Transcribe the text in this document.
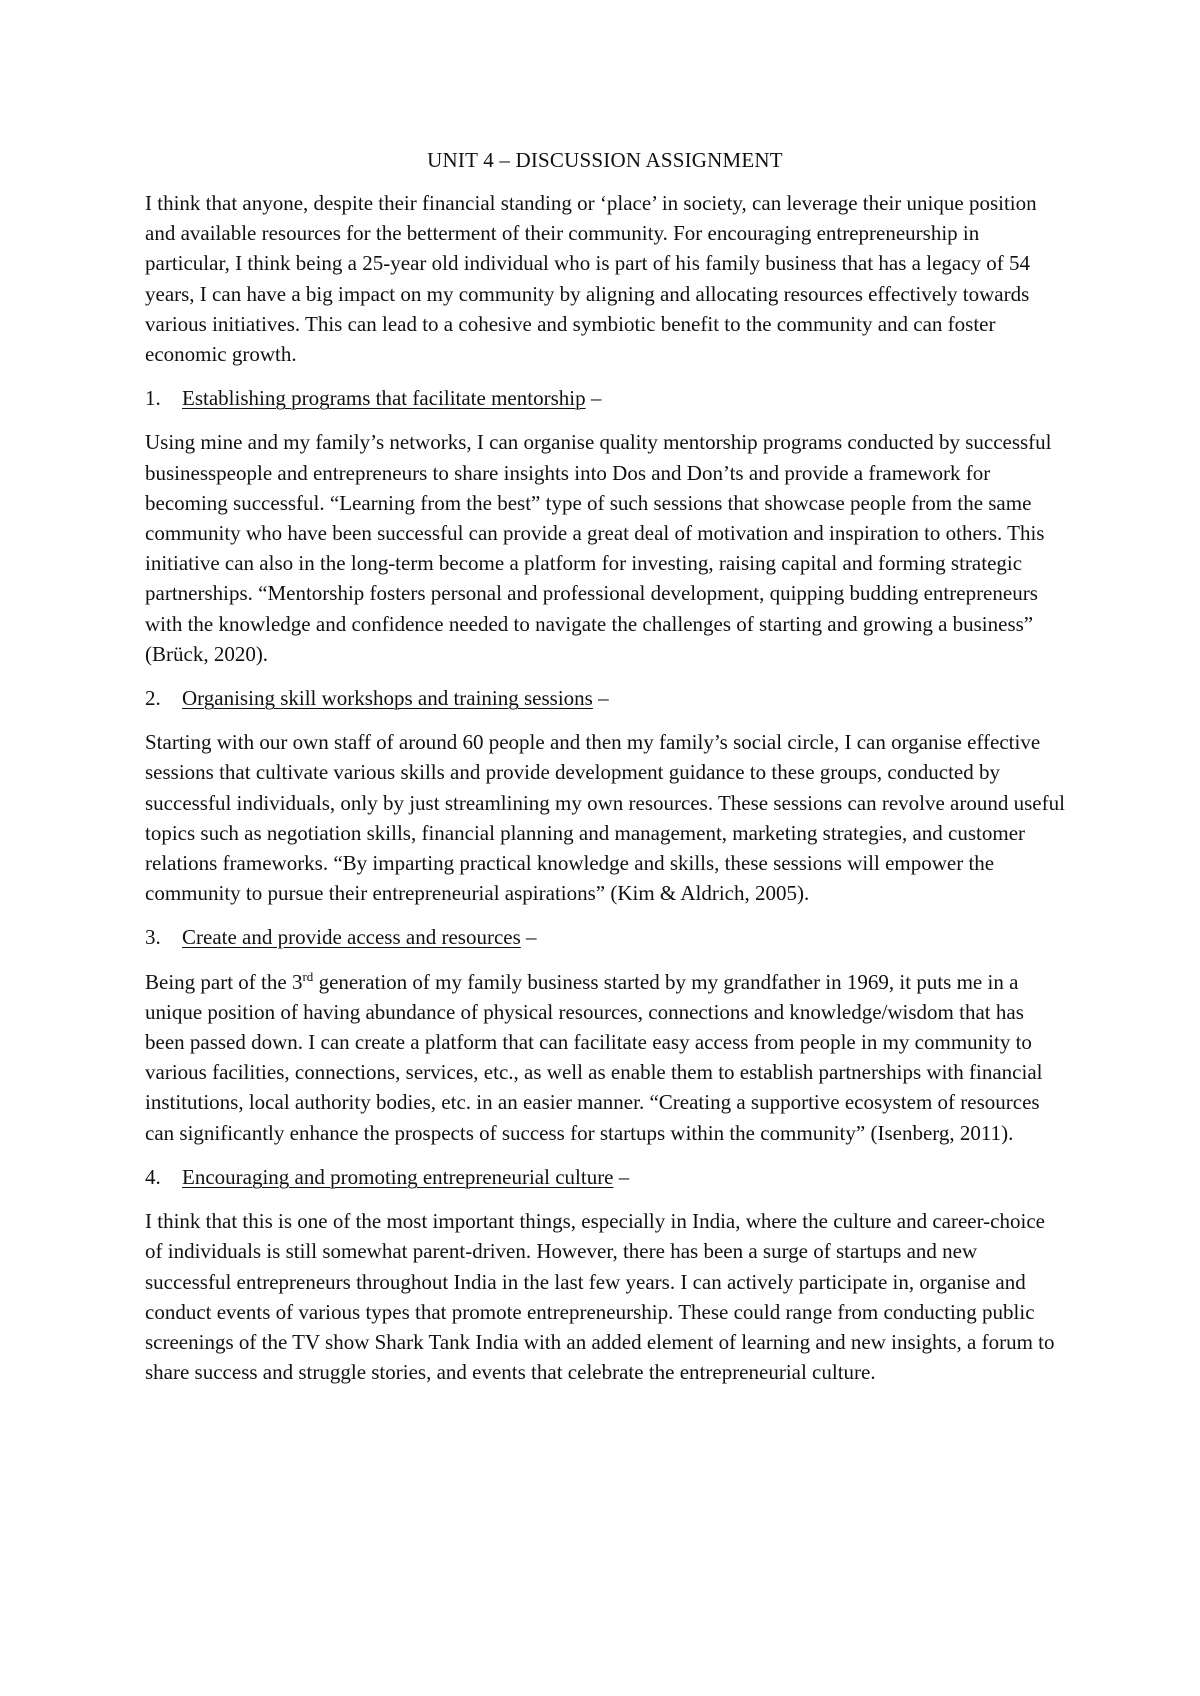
UNIT 4 – DISCUSSION ASSIGNMENT

I think that anyone, despite their financial standing or ‘place’ in society, can leverage their unique position and available resources for the betterment of their community. For encouraging entrepreneurship in particular, I think being a 25-year old individual who is part of his family business that has a legacy of 54 years, I can have a big impact on my community by aligning and allocating resources effectively towards various initiatives. This can lead to a cohesive and symbiotic benefit to the community and can foster economic growth.

1.	Establishing programs that facilitate mentorship –

Using mine and my family’s networks, I can organise quality mentorship programs conducted by successful businesspeople and entrepreneurs to share insights into Dos and Don’ts and provide a framework for becoming successful. “Learning from the best” type of such sessions that showcase people from the same community who have been successful can provide a great deal of motivation and inspiration to others. This initiative can also in the long-term become a platform for investing, raising capital and forming strategic partnerships. “Mentorship fosters personal and professional development, quipping budding entrepreneurs with the knowledge and confidence needed to navigate the challenges of starting and growing a business” (Brück, 2020).

2.	Organising skill workshops and training sessions –

Starting with our own staff of around 60 people and then my family’s social circle, I can organise effective sessions that cultivate various skills and provide development guidance to these groups, conducted by successful individuals, only by just streamlining my own resources. These sessions can revolve around useful topics such as negotiation skills, financial planning and management, marketing strategies, and customer relations frameworks. “By imparting practical knowledge and skills, these sessions will empower the community to pursue their entrepreneurial aspirations” (Kim & Aldrich, 2005).

3.	Create and provide access and resources –

Being part of the 3rd generation of my family business started by my grandfather in 1969, it puts me in a unique position of having abundance of physical resources, connections and knowledge/wisdom that has been passed down. I can create a platform that can facilitate easy access from people in my community to various facilities, connections, services, etc., as well as enable them to establish partnerships with financial institutions, local authority bodies, etc. in an easier manner. “Creating a supportive ecosystem of resources can significantly enhance the prospects of success for startups within the community” (Isenberg, 2011).

4.	Encouraging and promoting entrepreneurial culture –

I think that this is one of the most important things, especially in India, where the culture and career-choice of individuals is still somewhat parent-driven. However, there has been a surge of startups and new successful entrepreneurs throughout India in the last few years. I can actively participate in, organise and conduct events of various types that promote entrepreneurship. These could range from conducting public screenings of the TV show Shark Tank India with an added element of learning and new insights, a forum to share success and struggle stories, and events that celebrate the entrepreneurial culture.
